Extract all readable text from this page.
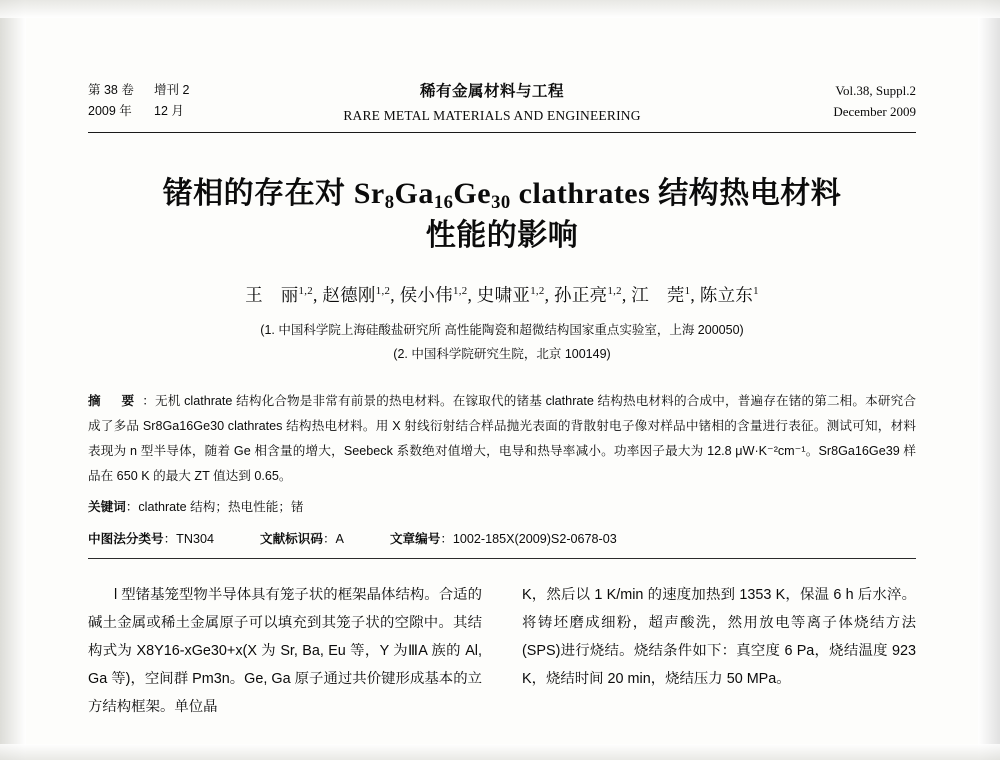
第 38 卷	增刊 2
2009 年	12 月
稀有金属材料与工程
RARE METAL MATERIALS AND ENGINEERING
Vol.38, Suppl.2
December 2009
锗相的存在对 $Sr_8Ga_{16}Ge_{30}$ clathrates 结构热电材料
性能的影响
王　丽$^{1,2}$, 赵德刚$^{1,2}$, 侯小伟$^{1,2}$, 史啸亚$^{1,2}$, 孙正亮$^{1,2}$, 江　莞$^1$, 陈立东$^1$
(1. 中国科学院上海硅酸盐研究所 高性能陶瓷和超微结构国家重点实验室，上海 200050)
(2. 中国科学院研究生院，北京 100149)
摘　要 ：无机 clathrate 结构化合物是非常有前景的热电材料。在镓取代的锗基 clathrate 结构热电材料的合成中，普遍存在锗的第二相。本研究合成了多品 Sr8Ga16Ge30 clathrates 结构热电材料。用 X 射线衍射结合样品抛光表面的背散射电子像对样品中锗相的含量进行表征。测试可知，材料表现为 n 型半导体，随着 Ge 相含量的增大，Seebeck 系数绝对值增大，电导和热导率减小。功率因子最大为 12.8 μW·K⁻²cm⁻¹。Sr8Ga16Ge39 样品在 650 K 的最大 ZT 值达到 0.65。
关键词：clathrate 结构；热电性能；锗
中图法分类号：TN304	文献标识码：A	文章编号：1002-185X(2009)S2-0678-03

l 型锗基笼型物半导体具有笼子状的框架晶体结构。合适的碱土金属或稀土金属原子可以填充到其笼子状的空隙中。其结构式为 X8Y16-xGe30+x(X 为 Sr, Ba, Eu 等，Y 为ⅢA 族的 Al, Ga 等)，空间群 Pm3n。Ge, Ga 原子通过共价键形成基本的立方结构框架。单位晶

K，然后以 1 K/min 的速度加热到 1353 K，保温 6 h 后水淬。将铸坯磨成细粉，超声酸洗，然用放电等离子体烧结方法(SPS)进行烧结。烧结条件如下：真空度 6 Pa，烧结温度 923 K，烧结时间 20 min，烧结压力 50 MPa。
